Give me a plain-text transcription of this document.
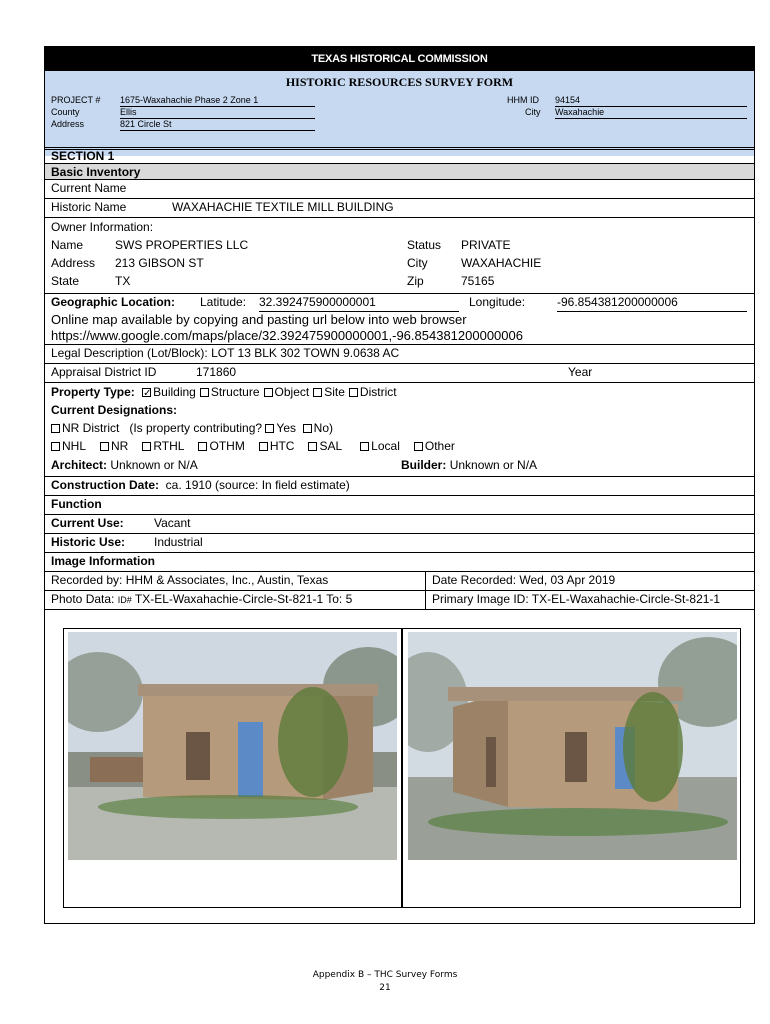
TEXAS HISTORICAL COMMISSION
HISTORIC RESOURCES SURVEY FORM
PROJECT # 1675-Waxahachie Phase 2 Zone 1
County	Ellis
Address	821 Circle St
HHM ID 94154
City Waxahachie
SECTION 1
Basic Inventory
Current Name
Historic Name	WAXAHACHIE TEXTILE MILL BUILDING
Owner Information:
Name	SWS PROPERTIES LLC	Status PRIVATE
Address 213 GIBSON ST	City	WAXAHACHIE
State	TX	Zip	75165
Geographic Location: Latitude: 32.392475900000001	Longitude:	-96.854381200000006
Online map available by copying and pasting url below into web browser
https://www.google.com/maps/place/32.392475900000001,-96.854381200000006
Legal Description (Lot/Block): LOT 13 BLK 302 TOWN 9.0638 AC
Appraisal District ID	171860	Year
Property Type: ✓ Building Structure Object Site District
Current Designations:
NR District (Is property contributing? Yes No)
NHL NR RTHL OTHM HTC SAL Local Other
Architect: Unknown or N/A	Builder: Unknown or N/A
Construction Date: ca. 1910 (source: In field estimate)
Function
Current Use:	Vacant
Historic Use: Industrial
Image Information
Recorded by: HHM & Associates, Inc., Austin, Texas	Date Recorded: Wed, 03 Apr 2019
Photo Data: ID# TX-EL-Waxahachie-Circle-St-821-1 To: 5	Primary Image ID: TX-EL-Waxahachie-Circle-St-821-1
Appendix B – THC Survey Forms
21
